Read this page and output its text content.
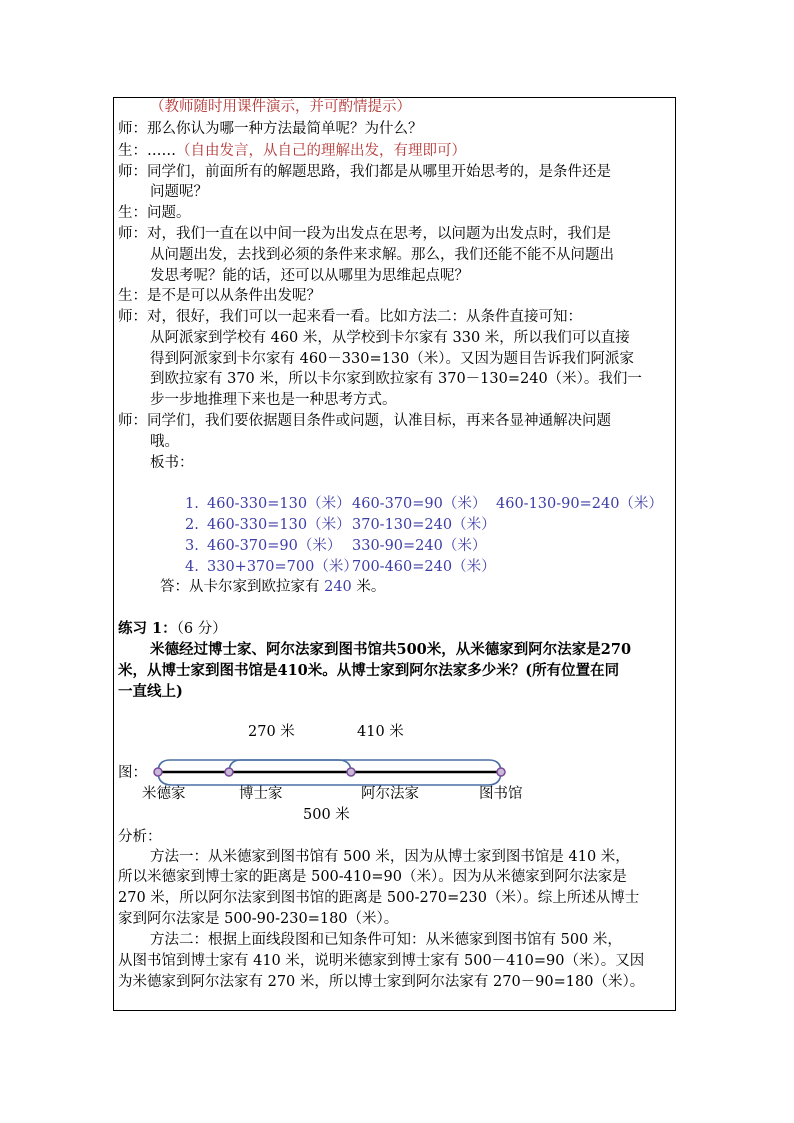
（教师随时用课件演示，并可酌情提示）
师：那么你认为哪一种方法最简单呢？为什么？
生：……（自由发言，从自己的理解出发，有理即可）
师：同学们，前面所有的解题思路，我们都是从哪里开始思考的，是条件还是
问题呢？
生：问题。
师：对，我们一直在以中间一段为出发点在思考，以问题为出发点时，我们是
从问题出发，去找到必须的条件来求解。那么，我们还能不能不从问题出
发思考呢？能的话，还可以从哪里为思维起点呢？
生：是不是可以从条件出发呢？
师：对，很好，我们可以一起来看一看。比如方法二：从条件直接可知：
从阿派家到学校有 460 米，从学校到卡尔家有 330 米，所以我们可以直接
得到阿派家到卡尔家有 460－330=130（米）。又因为题目告诉我们阿派家
到欧拉家有 370 米，所以卡尔家到欧拉家有 370－130=240（米）。我们一
步一步地推理下来也是一种思考方式。
师：同学们，我们要依据题目条件或问题，认准目标，再来各显神通解决问题
哦。
板书：
1. 460-330=130（米） 460-370=90（米） 460-130-90=240（米）
2. 460-330=130（米） 370-130=240（米）
3. 460-370=90（米） 330-90=240（米）
4. 330+370=700（米）
700-460=240（米）
答：从卡尔家到欧拉家有 240 米。
练习 1：（6 分）
米德经过博士家、阿尔法家到图书馆共500米，从米德家到阿尔法家是270
米，从博士家到图书馆是410米。从博士家到阿尔法家多少米？(所有位置在同
一直线上)
270 米	410 米
图：
米德家	博士家	阿尔法家	图书馆
500 米
分析：
方法一：从米德家到图书馆有 500 米，因为从博士家到图书馆是 410 米，
所以米德家到博士家的距离是 500-410=90（米）。因为从米德家到阿尔法家是
270 米，所以阿尔法家到图书馆的距离是 500-270=230（米）。综上所述从博士
家到阿尔法家是 500-90-230=180（米）。
方法二：根据上面线段图和已知条件可知：从米德家到图书馆有 500 米，
从图书馆到博士家有 410 米，说明米德家到博士家有 500－410=90（米）。又因
为米德家到阿尔法家有 270 米，所以博士家到阿尔法家有 270－90=180（米）。
